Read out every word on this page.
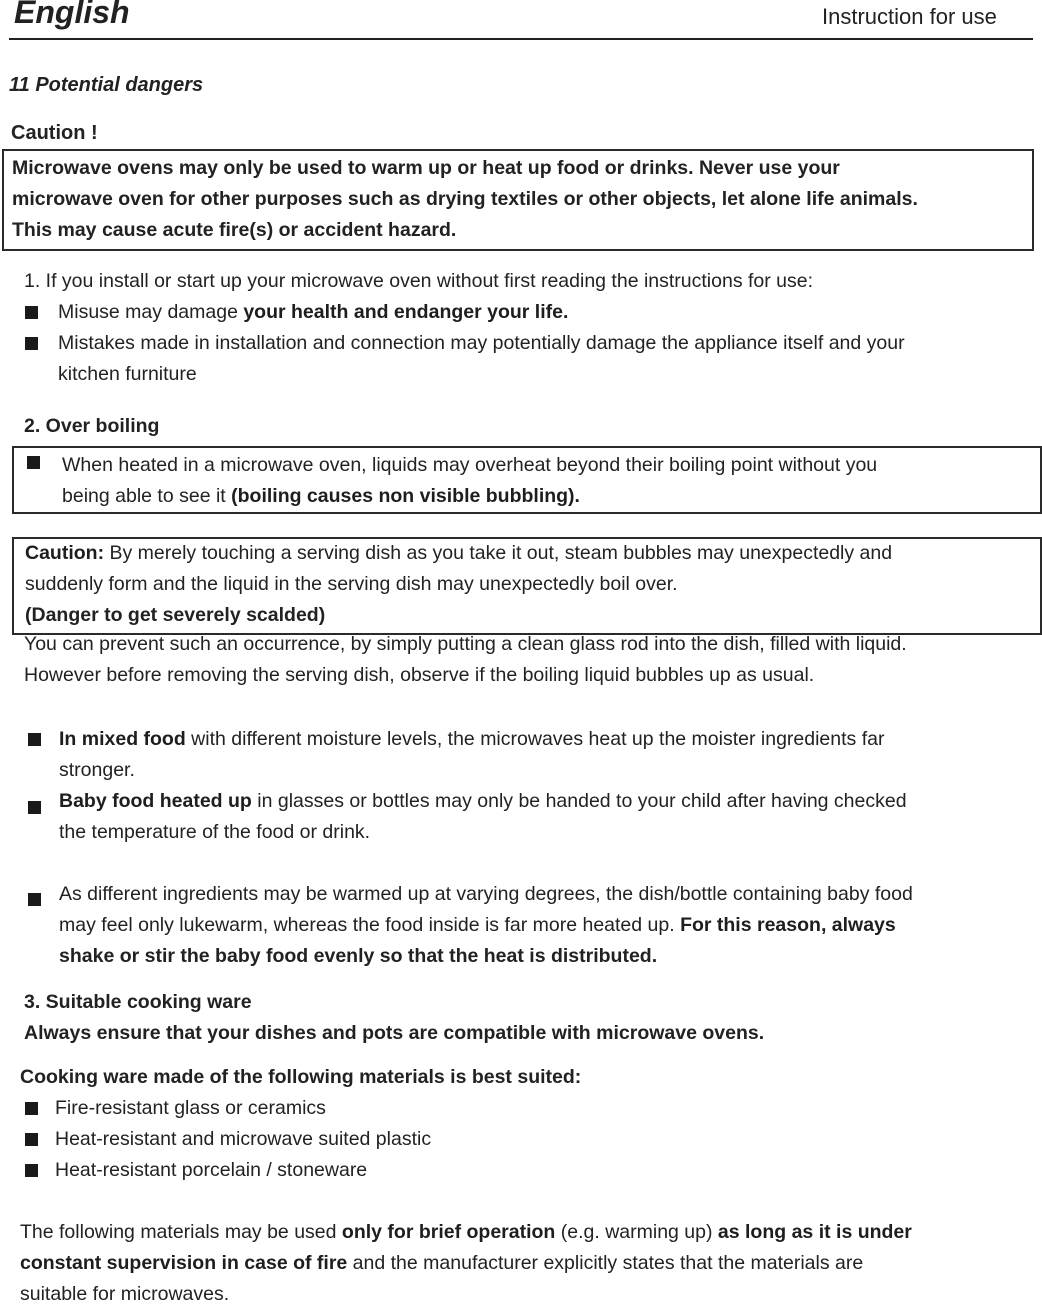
English	Instruction for use
11 Potential dangers
Caution !
Microwave ovens may only be used to warm up or heat up food or drinks. Never use your
microwave oven for other purposes such as drying textiles or other objects, let alone life animals.
This may cause acute fire(s) or accident hazard.
1. If you install or start up your microwave oven without first reading the instructions for use:
Misuse may damage your health and endanger your life.
Mistakes made in installation and connection may potentially damage the appliance itself and your
kitchen furniture
2. Over boiling
When heated in a microwave oven, liquids may overheat beyond their boiling point without you
being able to see it (boiling causes non visible bubbling).
Caution: By merely touching a serving dish as you take it out, steam bubbles may unexpectedly and
suddenly form and the liquid in the serving dish may unexpectedly boil over.
(Danger to get severely scalded)
You can prevent such an occurrence, by simply putting a clean glass rod into the dish, filled with liquid.
However before removing the serving dish, observe if the boiling liquid bubbles up as usual.
In mixed food with different moisture levels, the microwaves heat up the moister ingredients far
stronger.
Baby food heated up in glasses or bottles may only be handed to your child after having checked
the temperature of the food or drink.
As different ingredients may be warmed up at varying degrees, the dish/bottle containing baby food
may feel only lukewarm, whereas the food inside is far more heated up. For this reason, always
shake or stir the baby food evenly so that the heat is distributed.
3. Suitable cooking ware
Always ensure that your dishes and pots are compatible with microwave ovens.
Cooking ware made of the following materials is best suited:
Fire-resistant glass or ceramics
Heat-resistant and microwave suited plastic
Heat-resistant porcelain / stoneware
The following materials may be used only for brief operation (e.g. warming up) as long as it is under
constant supervision in case of fire and the manufacturer explicitly states that the materials are
suitable for microwaves.
